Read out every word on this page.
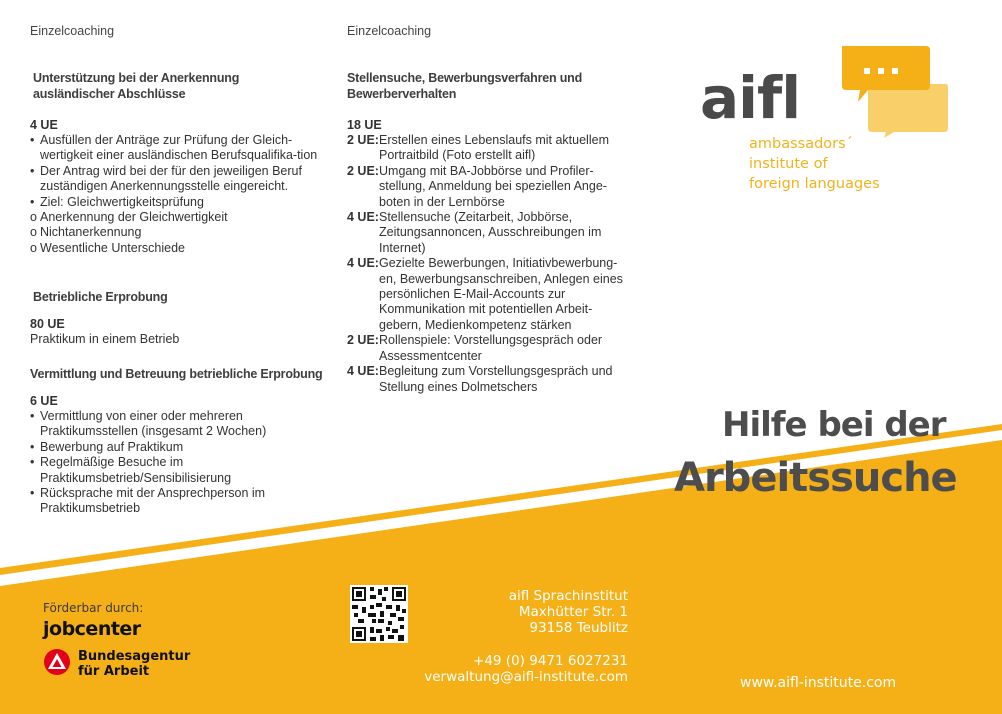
Einzelcoaching
Unterstützung bei der Anerkennung ausländischer Abschlüsse
4 UE
• Ausfüllen der Anträge zur Prüfung der Gleich-wertigkeit einer ausländischen Berufsqualifika-tion
• Der Antrag wird bei der für den jeweiligen Beruf zuständigen Anerkennungsstelle eingereicht.
• Ziel: Gleichwertigkeitsprüfung
o Anerkennung der Gleichwertigkeit
o Nichtanerkennung
o Wesentliche Unterschiede
Betriebliche Erprobung
80 UE
Praktikum in einem Betrieb
Vermittlung und Betreuung betriebliche Erprobung
6 UE
• Vermittlung von einer oder mehreren Praktikumsstellen (insgesamt 2 Wochen)
• Bewerbung auf Praktikum
• Regelmäßige Besuche im Praktikumsbetrieb/Sensibilisierung
• Rücksprache mit der Ansprechperson im Praktikumsbetrieb
Einzelcoaching
Stellensuche, Bewerbungsverfahren und Bewerberverhalten
18 UE
2 UE: Erstellen eines Lebenslaufs mit aktuellem Portraitbild (Foto erstellt aifl)
2 UE: Umgang mit BA-Jobbörse und Profiler-stellung, Anmeldung bei speziellen Ange-boten in der Lernbörse
4 UE: Stellensuche (Zeitarbeit, Jobbörse, Zeitungsannoncen, Ausschreibungen im Internet)
4 UE: Gezielte Bewerbungen, Initiativbewerbung-en, Bewerbungsanschreiben, Anlegen eines persönlichen E-Mail-Accounts zur Kommunikation mit potentiellen Arbeit-gebern, Medienkompetenz stärken
2 UE: Rollenspiele: Vorstellungsgespräch oder Assessmentcenter
4 UE: Begleitung zum Vorstellungsgespräch und Stellung eines Dolmetschers
aifl
ambassadors´
institute of
foreign languages
Hilfe bei der
Arbeitssuche
Förderbar durch:
jobcenter
Bundesagentur
für Arbeit
aifl Sprachinstitut
Maxhütter Str. 1
93158 Teublitz
+49 (0) 9471 6027231
verwaltung@aifl-institute.com	www.aifl-institute.com
